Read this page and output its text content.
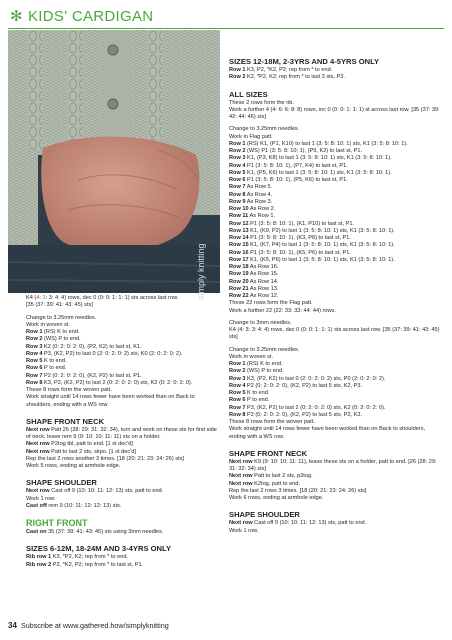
✻ KIDS' CARDIGAN
simply knitting

K4 (4: 3: 3: 4: 4) rows, dec 0 (0: 0: 1: 1: 1) sts across last row.

[35 (37: 39: 41: 43: 45) sts]

Change to 3.25mm needles.

Work in woven st.

Row 1 (RS) K to end.

Row 2 (WS) P to end.

Row 3 K2 (0: 2: 0: 2: 0), (P2, K2) to last st, K1.

Row 4 P3, (K2, P2) to last 0 (2: 0: 2: 0: 2) sts, K0 (2: 0: 2: 0: 2).

Row 5 K to end.

Row 6 P to end.

Row 7 P2 (0: 2: 0: 2: 0), (K2, P2) to last st, P1.

Row 8 K3, P2, (K2, P2) to last 2 (0: 2: 0: 2: 0) sts, K2 (0: 2: 0: 2: 0).

These 8 rows form the woven patt.

Work straight until 14 rows fewer have been worked than on Back to shoulders, ending with a WS row.

SHAPE FRONT NECK

Next row Patt 26 (28: 29: 31: 32: 34), turn and work on these sts for first side of neck, leave rem 9 (9: 10: 10: 11: 11) sts on a holder.

Next row P2tog tbl, patt to end. [1 st dec'd]

Next row Patt to last 2 sts, skpo. [1 st dec'd]

Rep the last 2 rows another 3 times. [18 (20: 21: 23: 24: 26) sts]

Work 5 rows, ending at armhole edge.

SHAPE SHOULDER

Next row Cast off 9 (10: 10: 11: 12: 13) sts, patt to end.

Work 1 row.

Cast off rem 9 (10: 11: 12: 12: 13) sts.

RIGHT FRONT

Cast on 35 (37: 39: 41: 43: 45) sts using 3mm needles.

SIZES 6-12M, 18-24M AND 3-4YRS ONLY

Rib row 1 K3, *P2, K2; rep from * to end.

Rib row 2 P2, *K2, P2; rep from * to last st, P1.

SIZES 12-18M, 2-3YRS AND 4-5YRS ONLY

Row 1 K3, P2, *K2, P2; rep from * to end.

Row 2 K2, *P2, K2; rep from * to last 3 sts, P3.

ALL SIZES

These 2 rows form the rib.

Work a further 4 (4: 6: 6: 8: 8) rows, inc 0 (0: 0: 1: 1: 1) st across last row. [35 (37: 39: 42: 44: 46) sts]

Change to 3.25mm needles.

Work in Flag patt.

Row 1 (RS) K1, (P1, K10) to last 1 (3: 5: 8: 10: 1) sts, K1 (3: 5: 8: 10: 1).

Row 2 (WS) P1 (3: 5: 8: 10: 1), (P9, K2) to last st, P1.

Row 3 K1, (P3, K8) to last 1 (3: 5: 8: 10: 1) sts, K1 (3: 5: 8: 10: 1).

Row 4 P1 (3: 5: 8: 10: 1), (P7, K4) to last st, P1.

Row 5 K1, (P5, K6) to last 1 (3: 5: 8: 10: 1) sts, K1 (3: 5: 8: 10: 1).

Row 6 P1 (3: 5: 8: 10: 1), (P5, K6) to last st, P1.

Row 7 As Row 5.

Row 8 As Row 4.

Row 9 As Row 3.

Row 10 As Row 2.

Row 11 As Row 1.

Row 12 P1 (3: 5: 8: 10: 1), (K1, P10) to last st, P1.

Row 13 K1, (K9, P2) to last 1 (3: 5: 8: 10: 1) sts, K1 (3: 5: 8: 10: 1).

Row 14 P1 (3: 5: 8: 10: 1), (K3, P8) to last st, P1.

Row 15 K1, (K7, P4) to last 1 (3: 5: 8: 10: 1) sts, K1 (3: 5: 8: 10: 1).

Row 16 P1 (3: 5: 8: 10: 1), (K5, P6) to last st, P1.

Row 17 K1, (K5, P6) to last 1 (3: 5: 8: 10: 1) sts, K1 (3: 5: 8: 10: 1).

Row 18 As Row 16.

Row 19 As Row 15.

Row 20 As Row 14.

Row 21 As Row 13.

Row 22 As Row 12.

These 22 rows form the Flag patt.

Work a further 22 (22: 33: 33: 44: 44) rows.

Change to 3mm needles.

K4 (4: 3: 3: 4: 4) rows, dec 0 (0: 0: 1: 1: 1) sts across last row. [35 (37: 39: 41: 43: 45) sts]

Change to 3.25mm needles.

Work in woven st.

Row 1 (RS) K to end.

Row 2 (WS) P to end.

Row 3 K3, (P2, K2) to last 0 (2: 0: 2: 0: 2) sts, P0 (2: 0: 2: 0: 2).

Row 4 P2 (0: 2: 0: 2: 0), (K2, P2) to last 5 sts, K2, P3.

Row 5 K to end.

Row 6 P to end.

Row 7 P3, (K2, P2) to last 2 (0: 2: 0: 2: 0) sts, K2 (0: 2: 0: 2: 0).

Row 8 P2 (0: 2: 0: 2: 0), (K2, P2) to last 5 sts, P2, K3.

These 8 rows form the woven patt.

Work straight until 14 rows fewer have been worked than on Back to shoulders, ending with a WS row.

SHAPE FRONT NECK

Next row K9 (9: 10: 10: 11: 11), leave these sts on a holder, patt to end. [26 (28: 29: 31: 32: 34) sts]

Next row Patt to last 2 sts, p2tog.

Next row K2tog, patt to end.

Rep the last 2 rows 3 times. [18 (20: 21: 23: 24: 26) sts]

Work 6 rows, ending at armhole edge.

SHAPE SHOULDER

Next row Cast off 9 (10: 10: 11: 12: 13) sts, patt to end.

Work 1 row.

34 Subscribe at www.gathered.how/simplyknitting
